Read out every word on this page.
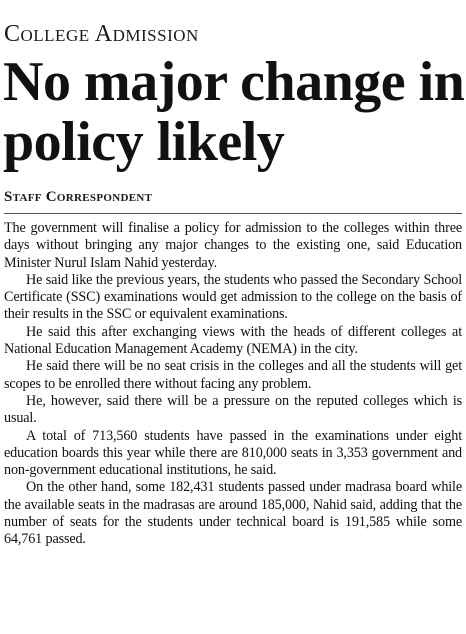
College Admission
No major change in policy likely
Staff Correspondent

The government will finalise a policy for admission to the colleges within three days without bringing any major changes to the existing one, said Education Minister Nurul Islam Nahid yesterday.

He said like the previous years, the students who passed the Secondary School Certificate (SSC) examinations would get admission to the college on the basis of their results in the SSC or equivalent examinations.

He said this after exchanging views with the heads of different colleges at National Education Management Academy (NEMA) in the city.

He said there will be no seat crisis in the colleges and all the students will get scopes to be enrolled there without facing any problem.

He, however, said there will be a pressure on the reputed colleges which is usual.

A total of 713,560 students have passed in the examinations under eight education boards this year while there are 810,000 seats in 3,353 government and non-government educational institutions, he said.

On the other hand, some 182,431 students passed under madrasa board while the available seats in the madrasas are around 185,000, Nahid said, adding that the number of seats for the students under technical board is 191,585 while some 64,761 passed.
